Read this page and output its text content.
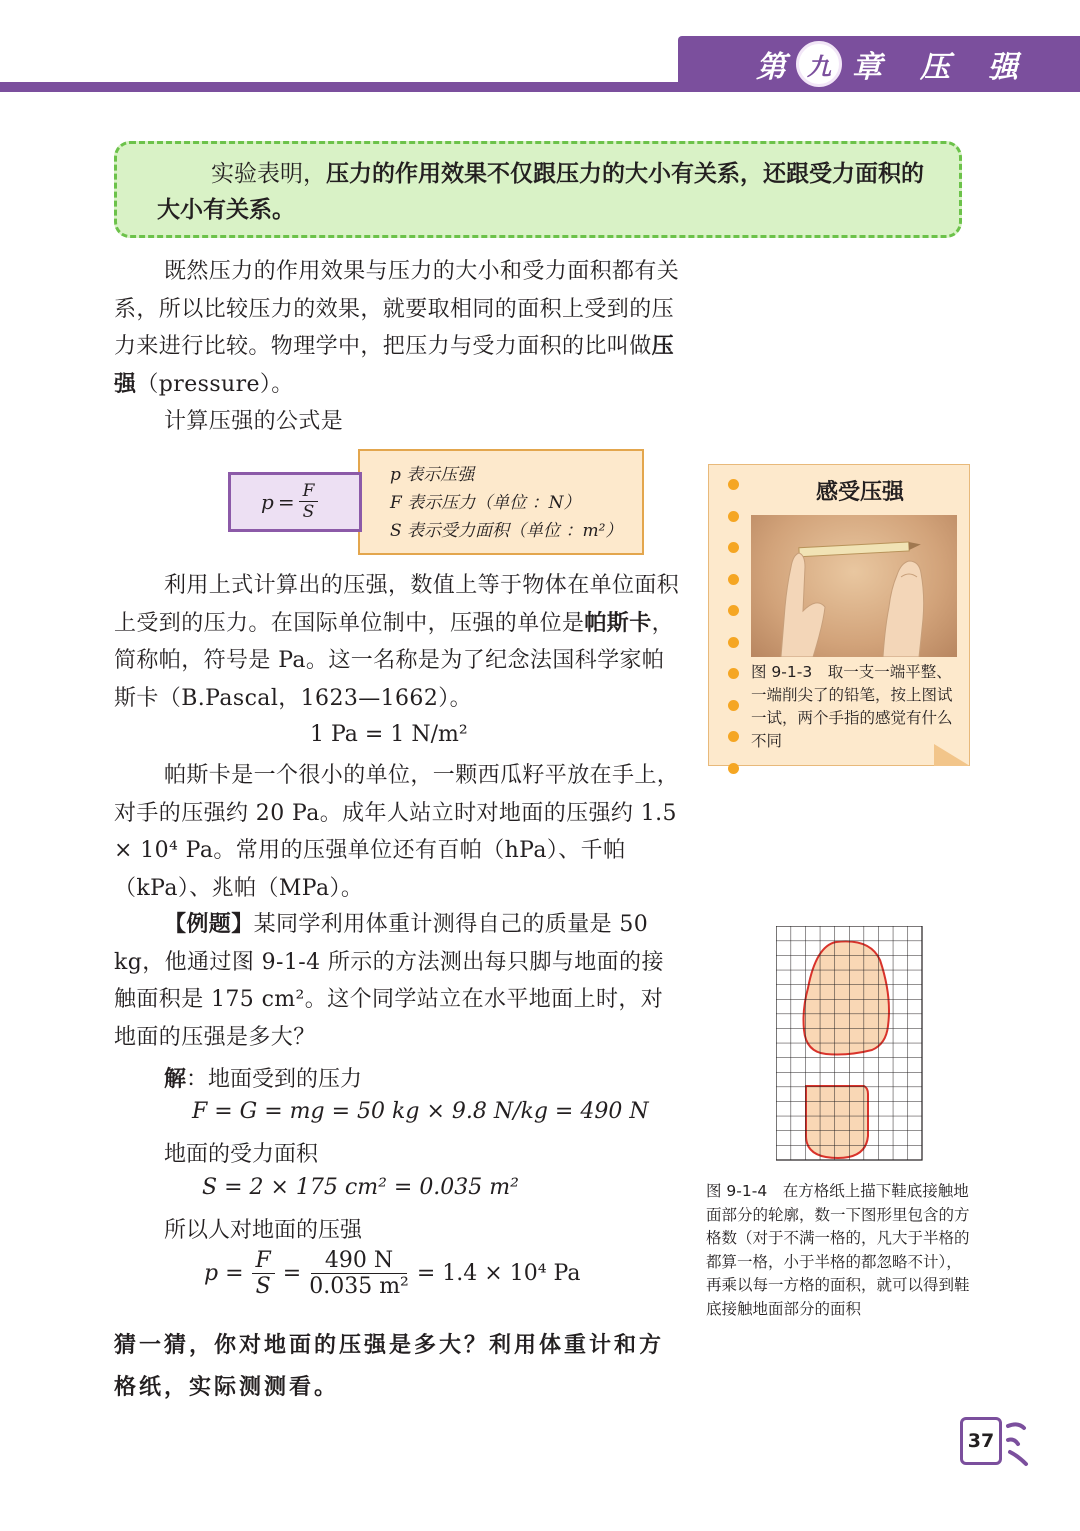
第 九 章 压 强

实验表明，压力的作用效果不仅跟压力的大小有关系，还跟受力面积的大小有关系。

既然压力的作用效果与压力的大小和受力面积都有关系，所以比较压力的效果，就要取相同的面积上受到的压力来进行比较。物理学中，把压力与受力面积的比叫做压强（pressure）。
计算压强的公式是
p 表示压强
F 表示压力（单位 ：N）
S 表示受力面积（单位 ：m²）
$p = \frac{F}{S}$
利用上式计算出的压强，数值上等于物体在单位面积上受到的压力。在国际单位制中，压强的单位是帕斯卡，简称帕，符号是 Pa。这一名称是为了纪念法国科学家帕斯卡（B.Pascal，1623—1662）。
1 Pa = 1 N/m²
帕斯卡是一个很小的单位，一颗西瓜籽平放在手上，对手的压强约 20 Pa。成年人站立时对地面的压强约 1.5 × 10⁴ Pa。常用的压强单位还有百帕（hPa）、千帕（kPa）、兆帕（MPa）。
【例题】某同学利用体重计测得自己的质量是 50 kg，他通过图 9-1-4 所示的方法测出每只脚与地面的接触面积是 175 cm²。这个同学站立在水平地面上时，对地面的压强是多大？
解：地面受到的压力
F = G = mg = 50 kg × 9.8 N/kg = 490 N
地面的受力面积
S = 2 × 175 cm² = 0.035 m²
所以人对地面的压强
$p = \frac{F}{S} = \frac{490 N}{\text{0.035 m²}} = 1.4 \times 10^4$ Pa
猜一猜，你对地面的压强是多大？利用体重计和方格纸，实际测测看。
感受压强
图 9-1-3　取一支一端平整、一端削尖了的铅笔，按上图试一试，两个手指的感觉有什么不同
图 9-1-4　在方格纸上描下鞋底接触地面部分的轮廓，数一下图形里包含的方格数（对于不满一格的，凡大于半格的都算一格，小于半格的都忽略不计），再乘以每一方格的面积，就可以得到鞋底接触地面部分的面积
37
